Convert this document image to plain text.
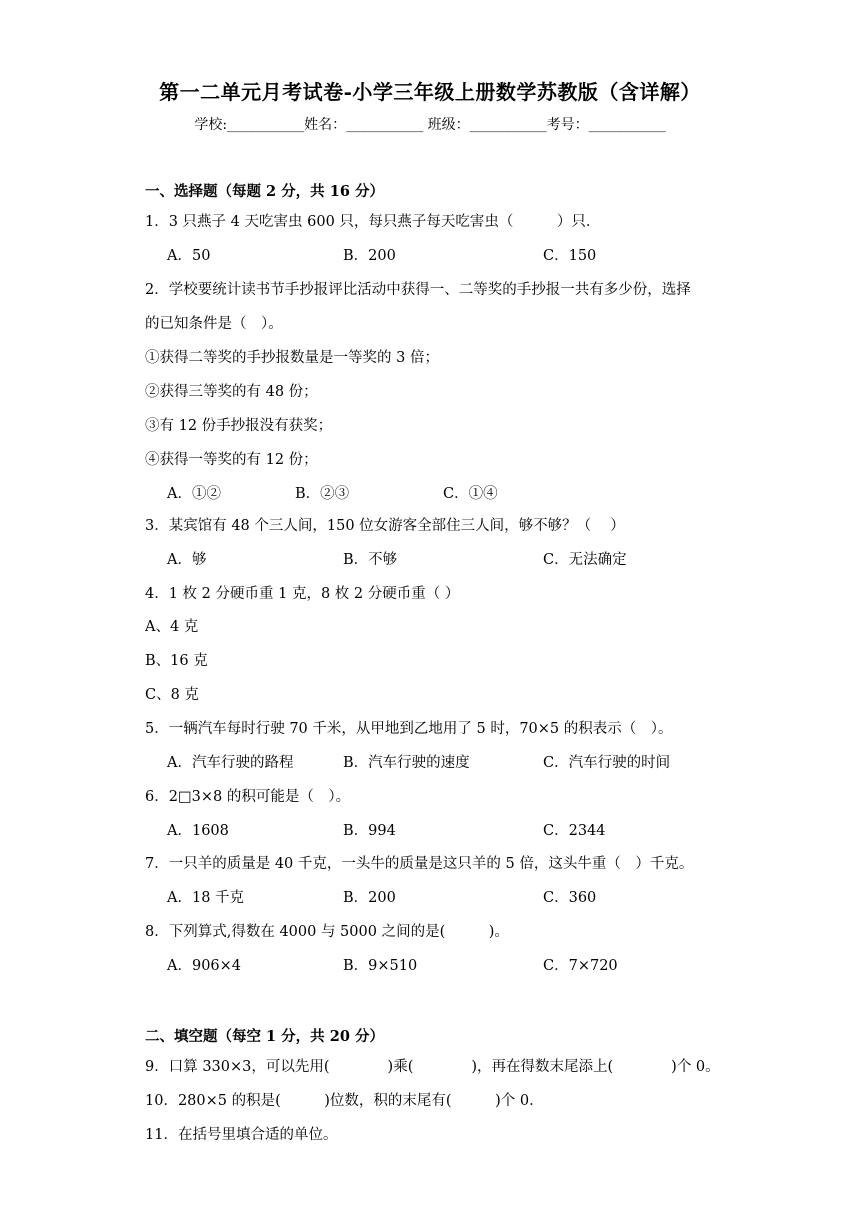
第一二单元月考试卷-小学三年级上册数学苏教版（含详解）
学校:___________姓名：___________ 班级：___________考号：___________
一、选择题（每题 2 分，共 16 分）
1．3 只燕子 4 天吃害虫 600 只，每只燕子每天吃害虫（　　　）只．
A．50	B．200	C．150
2．学校要统计读书节手抄报评比活动中获得一、二等奖的手抄报一共有多少份，选择
的已知条件是（　）。
①获得二等奖的手抄报数量是一等奖的 3 倍；
②获得三等奖的有 48 份；
③有 12 份手抄报没有获奖；
④获得一等奖的有 12 份；
A．①②	B．②③	C．①④
3．某宾馆有 48 个三人间，150 位女游客全部住三人间，够不够？（　 ）
A．够	B．不够	C．无法确定
4．1 枚 2 分硬币重 1 克，8 枚 2 分硬币重（ ）
A、4 克
B、16 克
C、8 克
5．一辆汽车每时行驶 70 千米，从甲地到乙地用了 5 时，70×5 的积表示（　）。
A．汽车行驶的路程	B．汽车行驶的速度	C．汽车行驶的时间
6．2□3×8 的积可能是（　）。
A．1608	B．994	C．2344
7．一只羊的质量是 40 千克，一头牛的质量是这只羊的 5 倍，这头牛重（　）千克。
A．18 千克	B．200	C．360
8．下列算式,得数在 4000 与 5000 之间的是(　　　)。
A．906×4	B．9×510	C．7×720
二、填空题（每空 1 分，共 20 分）
9．口算 330×3，可以先用(　　　　)乘(　　　　)，再在得数末尾添上(　　　　)个 0。
10．280×5 的积是(　　　)位数，积的末尾有(　　　)个 0．
11．在括号里填合适的单位。
